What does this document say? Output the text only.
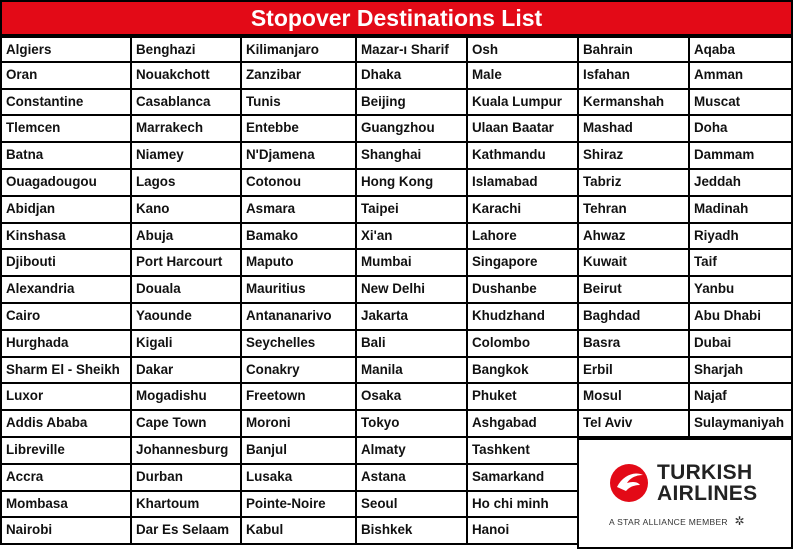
Stopover Destinations List
Algiers
Oran
Constantine
Tlemcen
Batna
Ouagadougou
Abidjan
Kinshasa
Djibouti
Alexandria
Cairo
Hurghada
Sharm El - Sheikh
Luxor
Addis Ababa
Libreville
Accra
Mombasa
Nairobi
Benghazi
Nouakchott
Casablanca
Marrakech
Niamey
Lagos
Kano
Abuja
Port Harcourt
Douala
Yaounde
Kigali
Dakar
Mogadishu
Cape Town
Johannesburg
Durban
Khartoum
Dar Es Selaam
Kilimanjaro
Zanzibar
Tunis
Entebbe
N'Djamena
Cotonou
Asmara
Bamako
Maputo
Mauritius
Antananarivo
Seychelles
Conakry
Freetown
Moroni
Banjul
Lusaka
Pointe-Noire
Kabul
Mazar-ı Sharif
Dhaka
Beijing
Guangzhou
Shanghai
Hong Kong
Taipei
Xi'an
Mumbai
New Delhi
Jakarta
Bali
Manila
Osaka
Tokyo
Almaty
Astana
Seoul
Bishkek
Osh
Male
Kuala Lumpur
Ulaan Baatar
Kathmandu
Islamabad
Karachi
Lahore
Singapore
Dushanbe
Khudzhand
Colombo
Bangkok
Phuket
Ashgabad
Tashkent
Samarkand
Ho chi minh
Hanoi
Bahrain
Isfahan
Kermanshah
Mashad
Shiraz
Tabriz
Tehran
Ahwaz
Kuwait
Beirut
Baghdad
Basra
Erbil
Mosul
Tel Aviv
Aqaba
Amman
Muscat
Doha
Dammam
Jeddah
Madinah
Riyadh
Taif
Yanbu
Abu Dhabi
Dubai
Sharjah
Najaf
Sulaymaniyah
TURKISH
AIRLINES
A STAR ALLIANCE MEMBER ✲
